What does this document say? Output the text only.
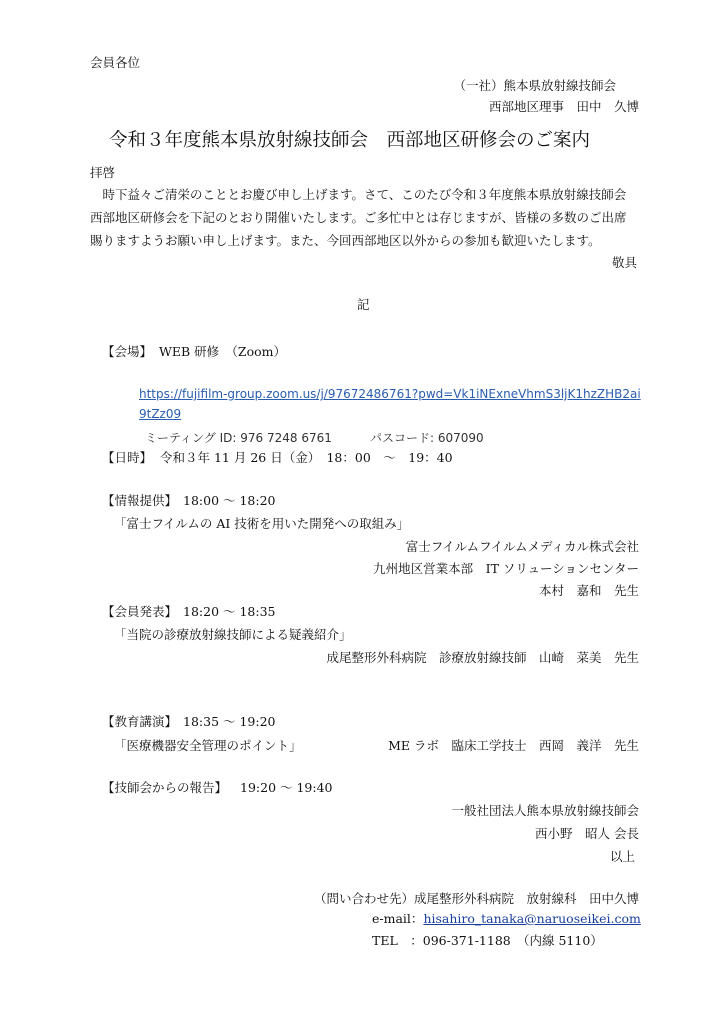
会員各位
（一社）熊本県放射線技師会
西部地区理事　田中　久博
令和３年度熊本県放射線技師会　西部地区研修会のご案内
拝啓
　時下益々ご清栄のこととお慶び申し上げます。さて、このたび令和３年度熊本県放射線技師会
西部地区研修会を下記のとおり開催いたします。ご多忙中とは存じますが、皆様の多数のご出席
賜りますようお願い申し上げます。また、今回西部地区以外からの参加も歓迎いたします。
敬具
記
【会場】 WEB 研修　（Zoom）
https://fujifilm-group.zoom.us/j/97672486761?pwd=Vk1iNExneVhmS3ljK1hzZHB2ai
9tZz09
ミーティング ID: 976 7248 6761	パスコード: 607090
【日時】 令和３年 11 月 26 日（金）　18：00　～　19：40
【情報提供】 18:00 ～ 18:20
「富士フイルムの AI 技術を用いた開発への取組み」
富士フイルムフイルムメディカル株式会社
九州地区営業本部　IT ソリューションセンター
本村　嘉和　先生
【会員発表】 18:20 ～ 18:35
「当院の診療放射線技師による疑義紹介」
成尾整形外科病院　診療放射線技師　山崎　菜美　先生
【教育講演】 18:35 ～ 19:20
「医療機器安全管理のポイント」	ME ラボ　臨床工学技士　西岡　義洋　先生
【技師会からの報告】 19:20 ～ 19:40
一般社団法人熊本県放射線技師会
西小野　昭人 会長
以上
（問い合わせ先）成尾整形外科病院　放射線科　田中久博
e-mail：hisahiro_tanaka@naruoseikei.com
TEL　：096-371-1188　（内線 5110）
